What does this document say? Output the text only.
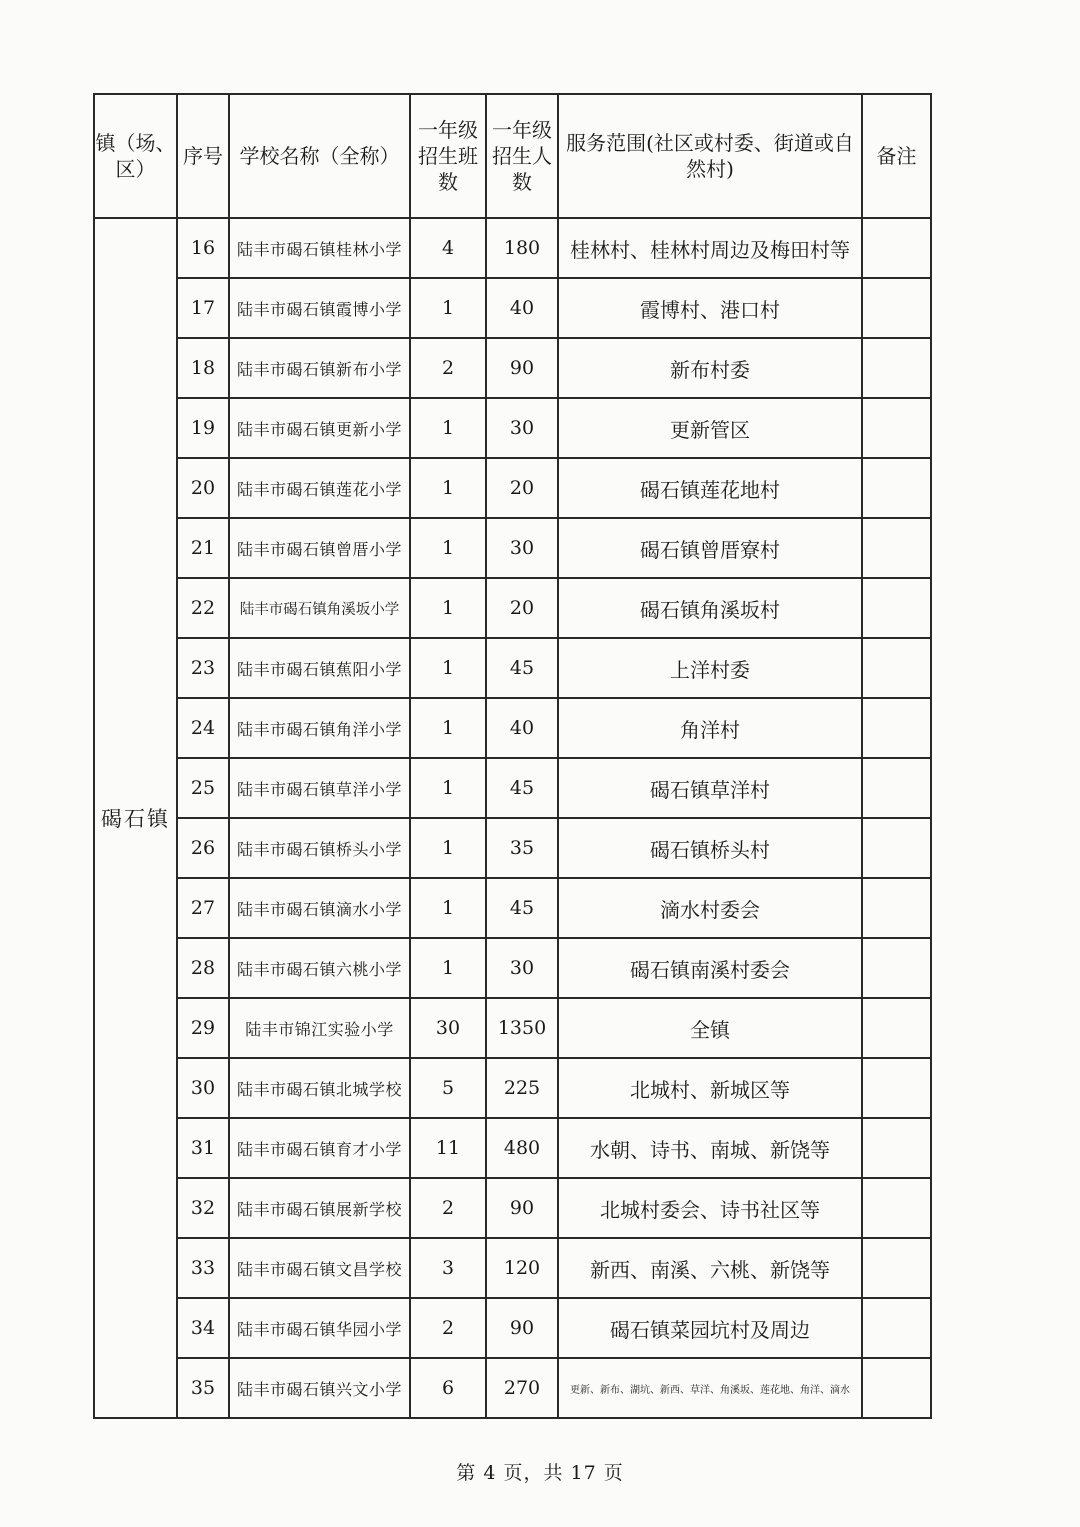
镇（场、区）	序号	学校名称（全称）	一年级招生班数	一年级招生人数	服务范围(社区或村委、街道或自然村)	备注
碣石镇	16	陆丰市碣石镇桂林小学	4	180	桂林村、桂林村周边及梅田村等	
	17	陆丰市碣石镇霞博小学	1	40	霞博村、港口村	
	18	陆丰市碣石镇新布小学	2	90	新布村委	
	19	陆丰市碣石镇更新小学	1	30	更新管区	
	20	陆丰市碣石镇莲花小学	1	20	碣石镇莲花地村	
	21	陆丰市碣石镇曾厝小学	1	30	碣石镇曾厝寮村	
	22	陆丰市碣石镇角溪坂小学	1	20	碣石镇角溪坂村	
	23	陆丰市碣石镇蕉阳小学	1	45	上洋村委	
	24	陆丰市碣石镇角洋小学	1	40	角洋村	
	25	陆丰市碣石镇草洋小学	1	45	碣石镇草洋村	
	26	陆丰市碣石镇桥头小学	1	35	碣石镇桥头村	
	27	陆丰市碣石镇滴水小学	1	45	滴水村委会	
	28	陆丰市碣石镇六桃小学	1	30	碣石镇南溪村委会	
	29	陆丰市锦江实验小学	30	1350	全镇	
	30	陆丰市碣石镇北城学校	5	225	北城村、新城区等	
	31	陆丰市碣石镇育才小学	11	480	水朝、诗书、南城、新饶等	
	32	陆丰市碣石镇展新学校	2	90	北城村委会、诗书社区等	
	33	陆丰市碣石镇文昌学校	3	120	新西、南溪、六桃、新饶等	
	34	陆丰市碣石镇华园小学	2	90	碣石镇菜园坑村及周边	
	35	陆丰市碣石镇兴文小学	6	270	更新、新布、湖坑、新西、草洋、角溪坂、莲花地、角洋、滴水	
第 4 页，共 17 页
